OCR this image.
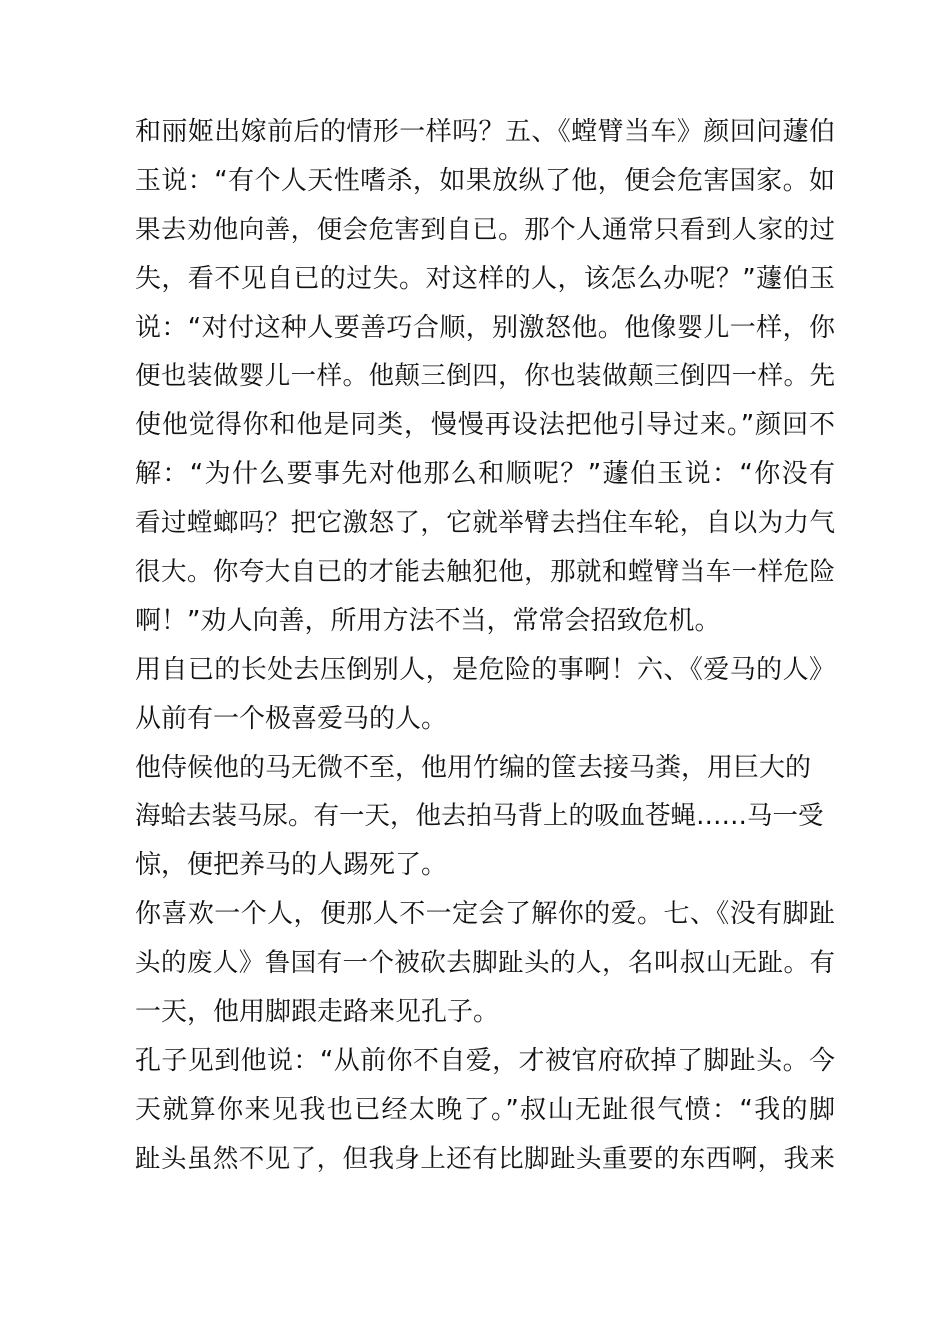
和丽姬出嫁前后的情形一样吗？五、《螳臂当车》颜回问蘧伯
玉说：“有个人天性嗜杀，如果放纵了他，便会危害国家。如
果去劝他向善，便会危害到自已。那个人通常只看到人家的过
失，看不见自已的过失。对这样的人，该怎么办呢？”蘧伯玉
说：“对付这种人要善巧合顺，别激怒他。他像婴儿一样，你
便也装做婴儿一样。他颠三倒四，你也装做颠三倒四一样。先
使他觉得你和他是同类，慢慢再设法把他引导过来。”颜回不
解：“为什么要事先对他那么和顺呢？”蘧伯玉说：“你没有
看过螳螂吗？把它激怒了，它就举臂去挡住车轮，自以为力气
很大。你夸大自已的才能去触犯他，那就和螳臂当车一样危险
啊！”劝人向善，所用方法不当，常常会招致危机。
用自已的长处去压倒别人，是危险的事啊！六、《爱马的人》
从前有一个极喜爱马的人。
他侍候他的马无微不至，他用竹编的筐去接马粪，用巨大的
海蛤去装马尿。有一天，他去拍马背上的吸血苍蝇……马一受
惊，便把养马的人踢死了。
你喜欢一个人，便那人不一定会了解你的爱。七、《没有脚趾
头的废人》鲁国有一个被砍去脚趾头的人，名叫叔山无趾。有
一天，他用脚跟走路来见孔子。
孔子见到他说：“从前你不自爱，才被官府砍掉了脚趾头。今
天就算你来见我也已经太晚了。”叔山无趾很气愤：“我的脚
趾头虽然不见了，但我身上还有比脚趾头重要的东西啊，我来
